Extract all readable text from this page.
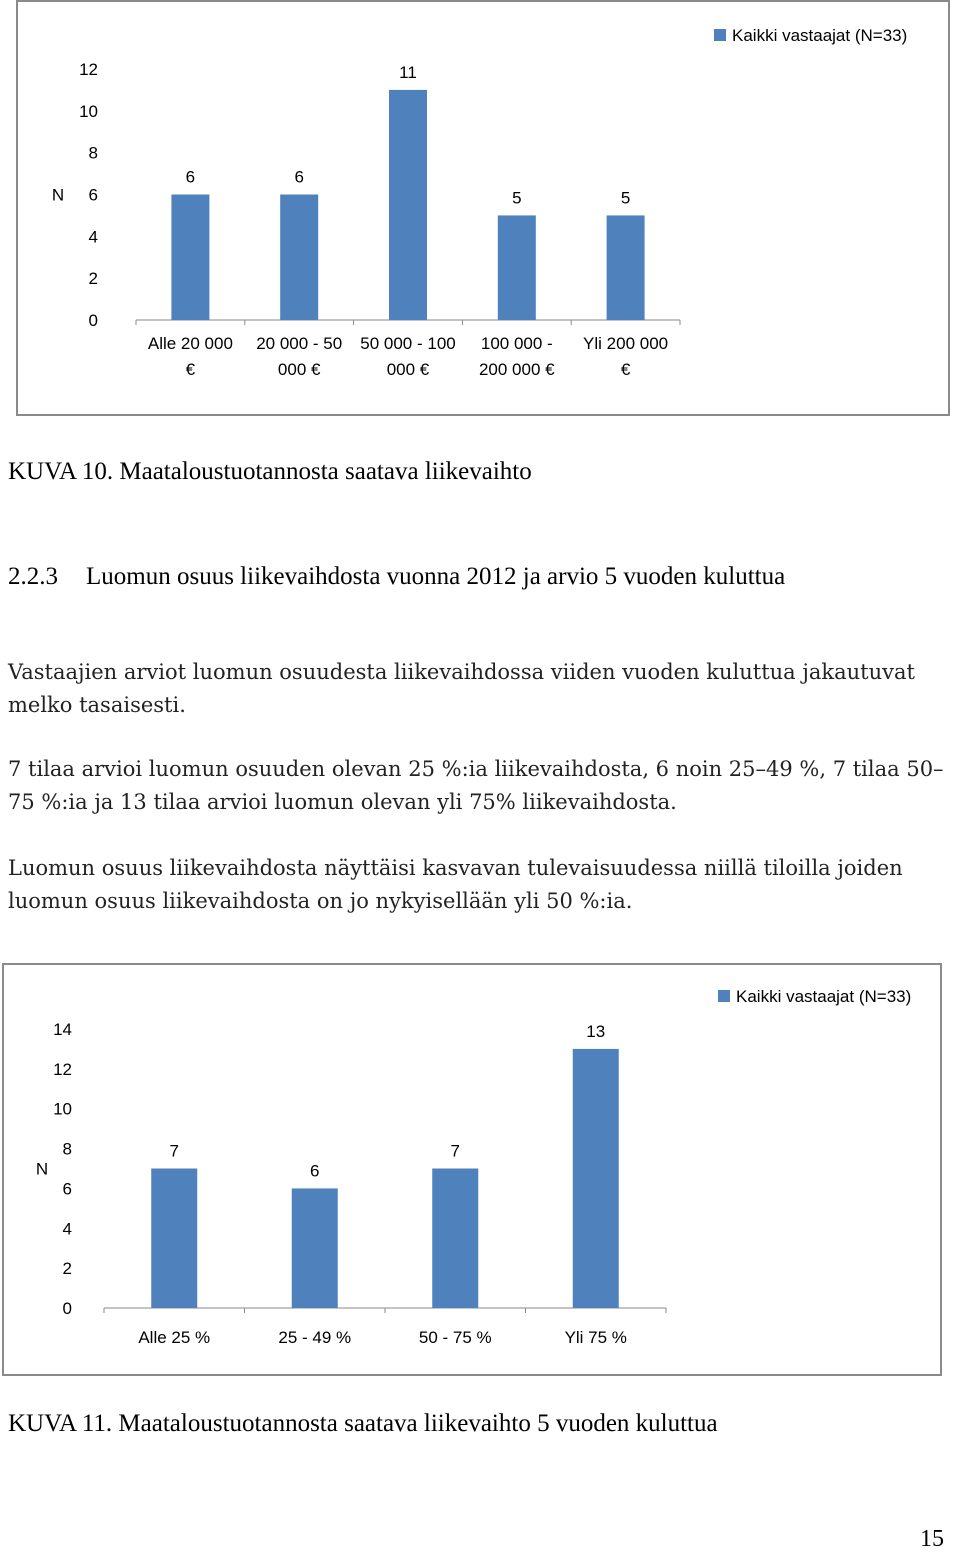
0
2
4
6
8
10
12
N
6
Alle 20 000
€
6
20 000 - 50
000 €
11
50 000 - 100
000 €
5
100 000 -
200 000 €
5
Yli 200 000
€
Kaikki vastaajat (N=33)
KUVA 10. Maataloustuotannosta saatava liikevaihto
2.2.3 Luomun osuus liikevaihdosta vuonna 2012 ja arvio 5 vuoden kuluttua

Vastaajien arviot luomun osuudesta liikevaihdossa viiden vuoden kuluttua jakautuvat melko tasaisesti.

7 tilaa arvioi luomun osuuden olevan 25 %:ia liikevaihdosta, 6 noin 25–49 %, 7 tilaa 50–75 %:ia ja 13 tilaa arvioi luomun olevan yli 75% liikevaihdosta.

Luomun osuus liikevaihdosta näyttäisi kasvavan tulevaisuudessa niillä tiloilla joiden luomun osuus liikevaihdosta on jo nykyisellään yli 50 %:ia.

0
2
4
6
8
10
12
14
N
7
Alle 25 %
6
25 - 49 %
7
50 - 75 %
13
Yli 75 %
Kaikki vastaajat (N=33)
KUVA 11. Maataloustuotannosta saatava liikevaihto 5 vuoden kuluttua
15
